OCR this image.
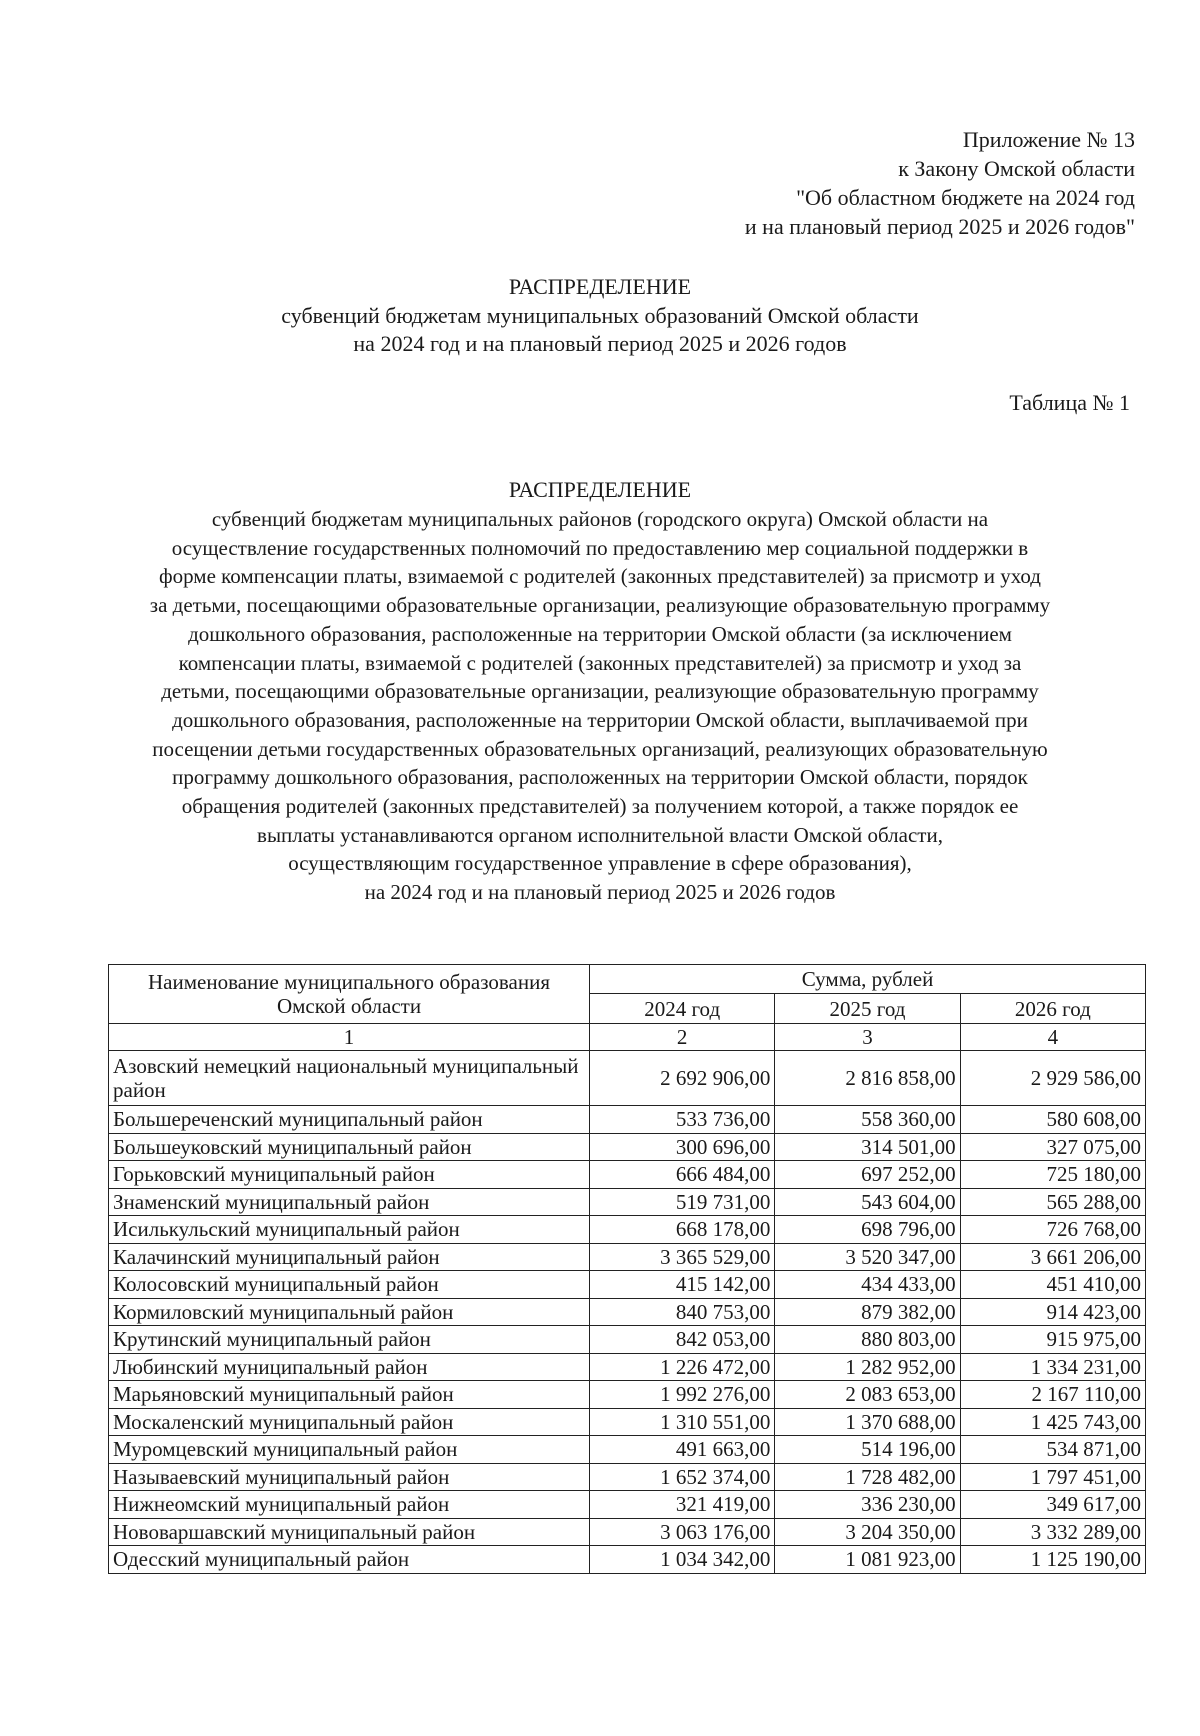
Приложение № 13
к Закону Омской области
"Об областном бюджете на 2024 год
и на плановый период 2025 и 2026 годов"
РАСПРЕДЕЛЕНИЕ
субвенций бюджетам муниципальных образований Омской области
на 2024 год и на плановый период 2025 и 2026 годов
Таблица № 1
РАСПРЕДЕЛЕНИЕ
субвенций бюджетам муниципальных районов (городского округа) Омской области на
осуществление государственных полномочий по предоставлению мер социальной поддержки в
форме компенсации платы, взимаемой с родителей (законных представителей) за присмотр и уход
за детьми, посещающими образовательные организации, реализующие образовательную программу
дошкольного образования, расположенные на территории Омской области (за исключением
компенсации платы, взимаемой с родителей (законных представителей) за присмотр и уход за
детьми, посещающими образовательные организации, реализующие образовательную программу
дошкольного образования, расположенные на территории Омской области, выплачиваемой при
посещении детьми государственных образовательных организаций, реализующих образовательную
программу дошкольного образования, расположенных на территории Омской области, порядок
обращения родителей (законных представителей) за получением которой, а также порядок ее
выплаты устанавливаются органом исполнительной власти Омской области,
осуществляющим государственное управление в сфере образования),
на 2024 год и на плановый период 2025 и 2026 годов
Наименование муниципального образования Омской области	Сумма, рублей		
	2024 год	2025 год	2026 год
1	2	3	4
Азовский немецкий национальный муниципальный район	2 692 906,00	2 816 858,00	2 929 586,00
Большереченский муниципальный район	533 736,00	558 360,00	580 608,00
Большеуковский муниципальный район	300 696,00	314 501,00	327 075,00
Горьковский муниципальный район	666 484,00	697 252,00	725 180,00
Знаменский муниципальный район	519 731,00	543 604,00	565 288,00
Исилькульский муниципальный район	668 178,00	698 796,00	726 768,00
Калачинский муниципальный район	3 365 529,00	3 520 347,00	3 661 206,00
Колосовский муниципальный район	415 142,00	434 433,00	451 410,00
Кормиловский муниципальный район	840 753,00	879 382,00	914 423,00
Крутинский муниципальный район	842 053,00	880 803,00	915 975,00
Любинский муниципальный район	1 226 472,00	1 282 952,00	1 334 231,00
Марьяновский муниципальный район	1 992 276,00	2 083 653,00	2 167 110,00
Москаленский муниципальный район	1 310 551,00	1 370 688,00	1 425 743,00
Муромцевский муниципальный район	491 663,00	514 196,00	534 871,00
Называевский муниципальный район	1 652 374,00	1 728 482,00	1 797 451,00
Нижнеомский муниципальный район	321 419,00	336 230,00	349 617,00
Нововаршавский муниципальный район	3 063 176,00	3 204 350,00	3 332 289,00
Одесский муниципальный район	1 034 342,00	1 081 923,00	1 125 190,00
